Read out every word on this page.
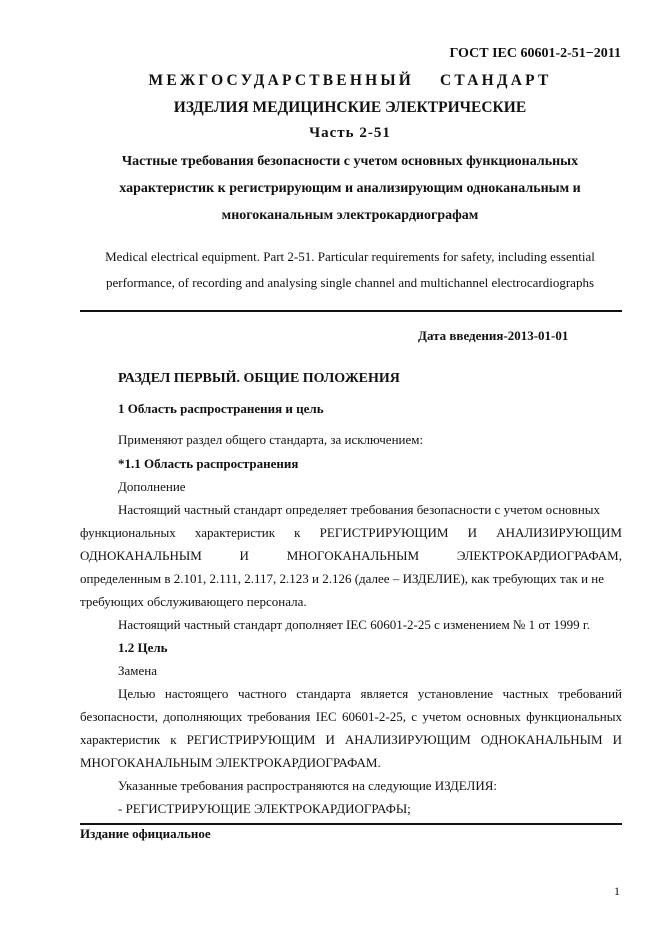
ГОСТ IEC 60601-2-51−2011
МЕЖГОСУДАРСТВЕННЫЙ СТАНДАРТ
ИЗДЕЛИЯ МЕДИЦИНСКИЕ ЭЛЕКТРИЧЕСКИЕ
Часть 2-51
Частные требования безопасности с учетом основных функциональных
характеристик к регистрирующим и анализирующим одноканальным и
многоканальным электрокардиографам
Medical electrical equipment. Part 2-51. Particular requirements for safety, including essential
performance, of recording and analysing single channel and multichannel electrocardiographs
Дата введения-2013-01-01
РАЗДЕЛ ПЕРВЫЙ. ОБЩИЕ ПОЛОЖЕНИЯ
1 Область распространения и цель
Применяют раздел общего стандарта, за исключением:
*1.1 Область распространения
Дополнение
Настоящий частный стандарт определяет требования безопасности с учетом основных
функциональных характеристик к РЕГИСТРИРУЮЩИМ И АНАЛИЗИРУЮЩИМ
ОДНОКАНАЛЬНЫМ И МНОГОКАНАЛЬНЫМ ЭЛЕКТРОКАРДИОГРАФАМ,
определенным в 2.101, 2.111, 2.117, 2.123 и 2.126 (далее – ИЗДЕЛИЕ), как требующих так и не
требующих обслуживающего персонала.
Настоящий частный стандарт дополняет IEC 60601-2-25 с изменением № 1 от 1999 г.
1.2 Цель
Замена
Целью настоящего частного стандарта является установление частных требований
безопасности, дополняющих требования IEC 60601-2-25, с учетом основных функциональных
характеристик к РЕГИСТРИРУЮЩИМ И АНАЛИЗИРУЮЩИМ ОДНОКАНАЛЬНЫМ И
МНОГОКАНАЛЬНЫМ ЭЛЕКТРОКАРДИОГРАФАМ.
Указанные требования распространяются на следующие ИЗДЕЛИЯ:
- РЕГИСТРИРУЮЩИЕ ЭЛЕКТРОКАРДИОГРАФЫ;
Издание официальное
1
